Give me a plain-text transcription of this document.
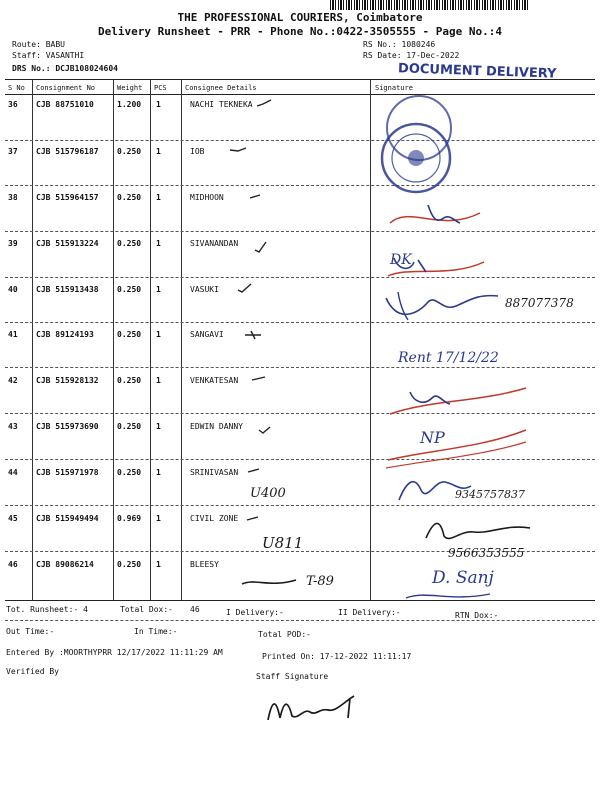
THE PROFESSIONAL COURIERS, Coimbatore
Delivery Runsheet - PRR - Phone No.:0422-3505555 - Page No.:4
Route: BABU
Staff: VASANTHI
DRS No.: DCJB108024604
RS No.: 1080246
RS Date: 17-Dec-2022
DOCUMENT DELIVERY
S No Consignment No	Weight PCS	Consignee Details	Signature
36 CJB 88751010	1.200 1	NACHI TEKNEKA
37 CJB 515796187 0.250 1	IOB
38 CJB 515964157 0.250 1	MIDHOON
39 CJB 515913224 0.250 1	SIVANANDAN
40 CJB 515913438 0.250 1	VASUKI
41 CJB 89124193	0.250 1	SANGAVI
42 CJB 515928132 0.250 1	VENKATESAN
43 CJB 515973690 0.250 1	EDWIN DANNY
44 CJB 515971978 0.250 1	SRINIVASAN
45 CJB 515949494 0.969 1	CIVIL ZONE
46 CJB 89086214	0.250 1	BLEESY
U400
U811
T-89
DK
887077378
Rent 17/12/22
NP
9345757837
9566353555
D. Sanj
Tot. Runsheet:- 4	Total Dox:- 46	I Delivery:-	II Delivery:-	RTN Dox:-
Out Time:-	In Time:-	Total POD:-
Entered By :MOORTHYPRR 12/17/2022 11:11:29 AM	Printed On: 17-12-2022 11:11:17
Verified By
Staff Signature
